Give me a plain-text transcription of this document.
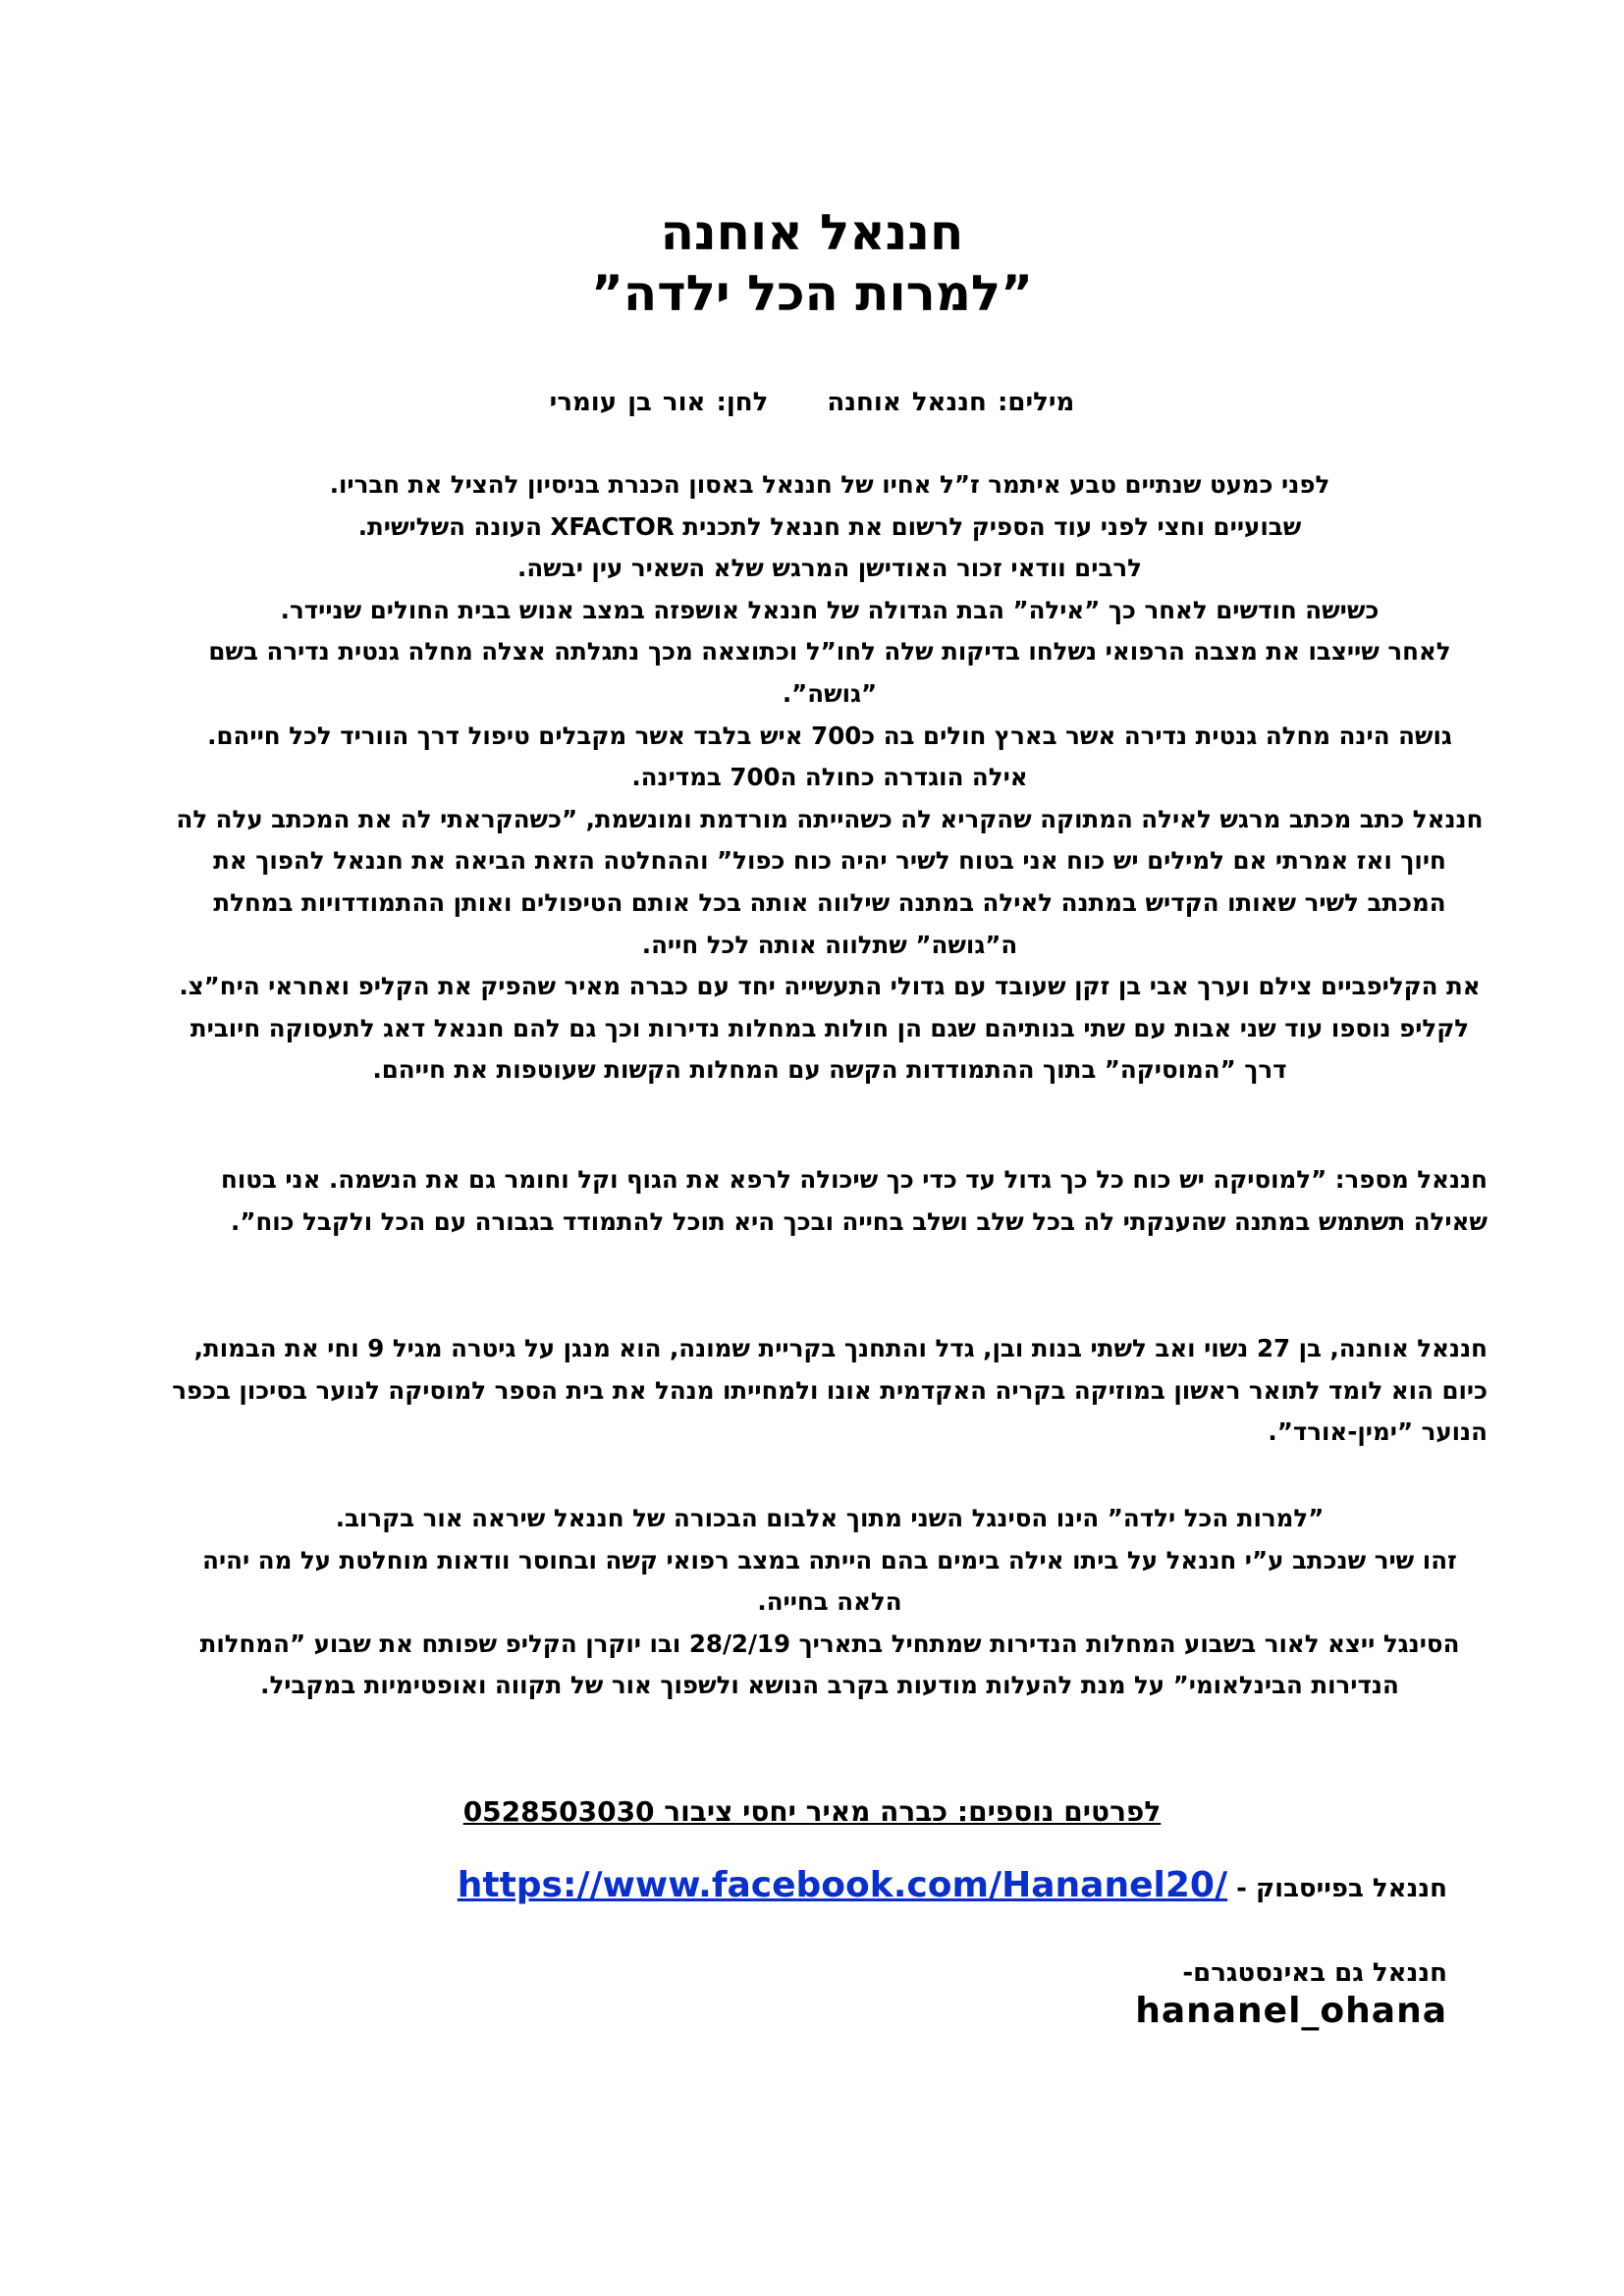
חננאל אוחנה
”למרות הכל ילדה”
מילים: חננאל אוחנהלחן: אור בן עומרי

לפני כמעט שנתיים טבע איתמר ז”ל אחיו של חננאל באסון הכנרת בניסיון להציל את חבריו.

שבועיים וחצי לפני עוד הספיק לרשום את חננאל לתכנית XFACTOR העונה השלישית.

לרבים וודאי זכור האודישן המרגש שלא השאיר עין יבשה.

כשישה חודשים לאחר כך ”אילה” הבת הגדולה של חננאל אושפזה במצב אנוש בבית החולים שניידר.

לאחר שייצבו את מצבה הרפואי נשלחו בדיקות שלה לחו”ל וכתוצאה מכך נתגלתה אצלה מחלה גנטית נדירה בשם ”גושה”.

גושה הינה מחלה גנטית נדירה אשר בארץ חולים בה כ700 איש בלבד אשר מקבלים טיפול דרך הווריד לכל חייהם.

אילה הוגדרה כחולה ה700 במדינה.

חננאל כתב מכתב מרגש לאילה המתוקה שהקריא לה כשהייתה מורדמת ומונשמת, ”כשהקראתי לה את המכתב עלה לה חיוך ואז אמרתי אם למילים יש כוח אני בטוח לשיר יהיה כוח כפול” וההחלטה הזאת הביאה את חננאל להפוך את המכתב לשיר שאותו הקדיש במתנה לאילה במתנה שילווה אותה בכל אותם הטיפולים ואותן ההתמודדויות במחלת ה”גושה” שתלווה אותה לכל חייה.

את הקליפביים צילם וערך אבי בן זקן שעובד עם גדולי התעשייה יחד עם כברה מאיר שהפיק את הקליפ ואחראי היח”צ.

לקליפ נוספו עוד שני אבות עם שתי בנותיהם שגם הן חולות במחלות נדירות וכך גם להם חננאל דאג לתעסוקה חיובית דרך ”המוסיקה” בתוך ההתמודדות הקשה עם המחלות הקשות שעוטפות את חייהם.

חננאל מספר: ”למוסיקה יש כוח כל כך גדול עד כדי כך שיכולה לרפא את הגוף וקל וחומר גם את הנשמה. אני בטוח שאילה תשתמש במתנה שהענקתי לה בכל שלב ושלב בחייה ובכך היא תוכל להתמודד בגבורה עם הכל ולקבל כוח”.
חננאל אוחנה, בן 27 נשוי ואב לשתי בנות ובן, גדל והתחנך בקריית שמונה, הוא מנגן על גיטרה מגיל 9 וחי את הבמות, כיום הוא לומד לתואר ראשון במוזיקה בקריה האקדמית אונו ולמחייתו מנהל את בית הספר למוסיקה לנוער בסיכון בכפר הנוער ”ימין-אורד”.

”למרות הכל ילדה” הינו הסינגל השני מתוך אלבום הבכורה של חננאל שיראה אור בקרוב.

זהו שיר שנכתב ע”י חננאל על ביתו אילה בימים בהם הייתה במצב רפואי קשה ובחוסר וודאות מוחלטת על מה יהיה הלאה בחייה.

הסינגל ייצא לאור בשבוע המחלות הנדירות שמתחיל בתאריך 28/2/19 ובו יוקרן הקליפ שפותח את שבוע ”המחלות הנדירות הבינלאומי” על מנת להעלות מודעות בקרב הנושא ולשפוך אור של תקווה ואופטימיות במקביל.

לפרטים נוספים: כברה מאיר יחסי ציבור 0528503030
חננאל בפייסבוק - https://www.facebook.com/Hananel20/
חננאל גם באינסטגרם-
hananel_ohana
